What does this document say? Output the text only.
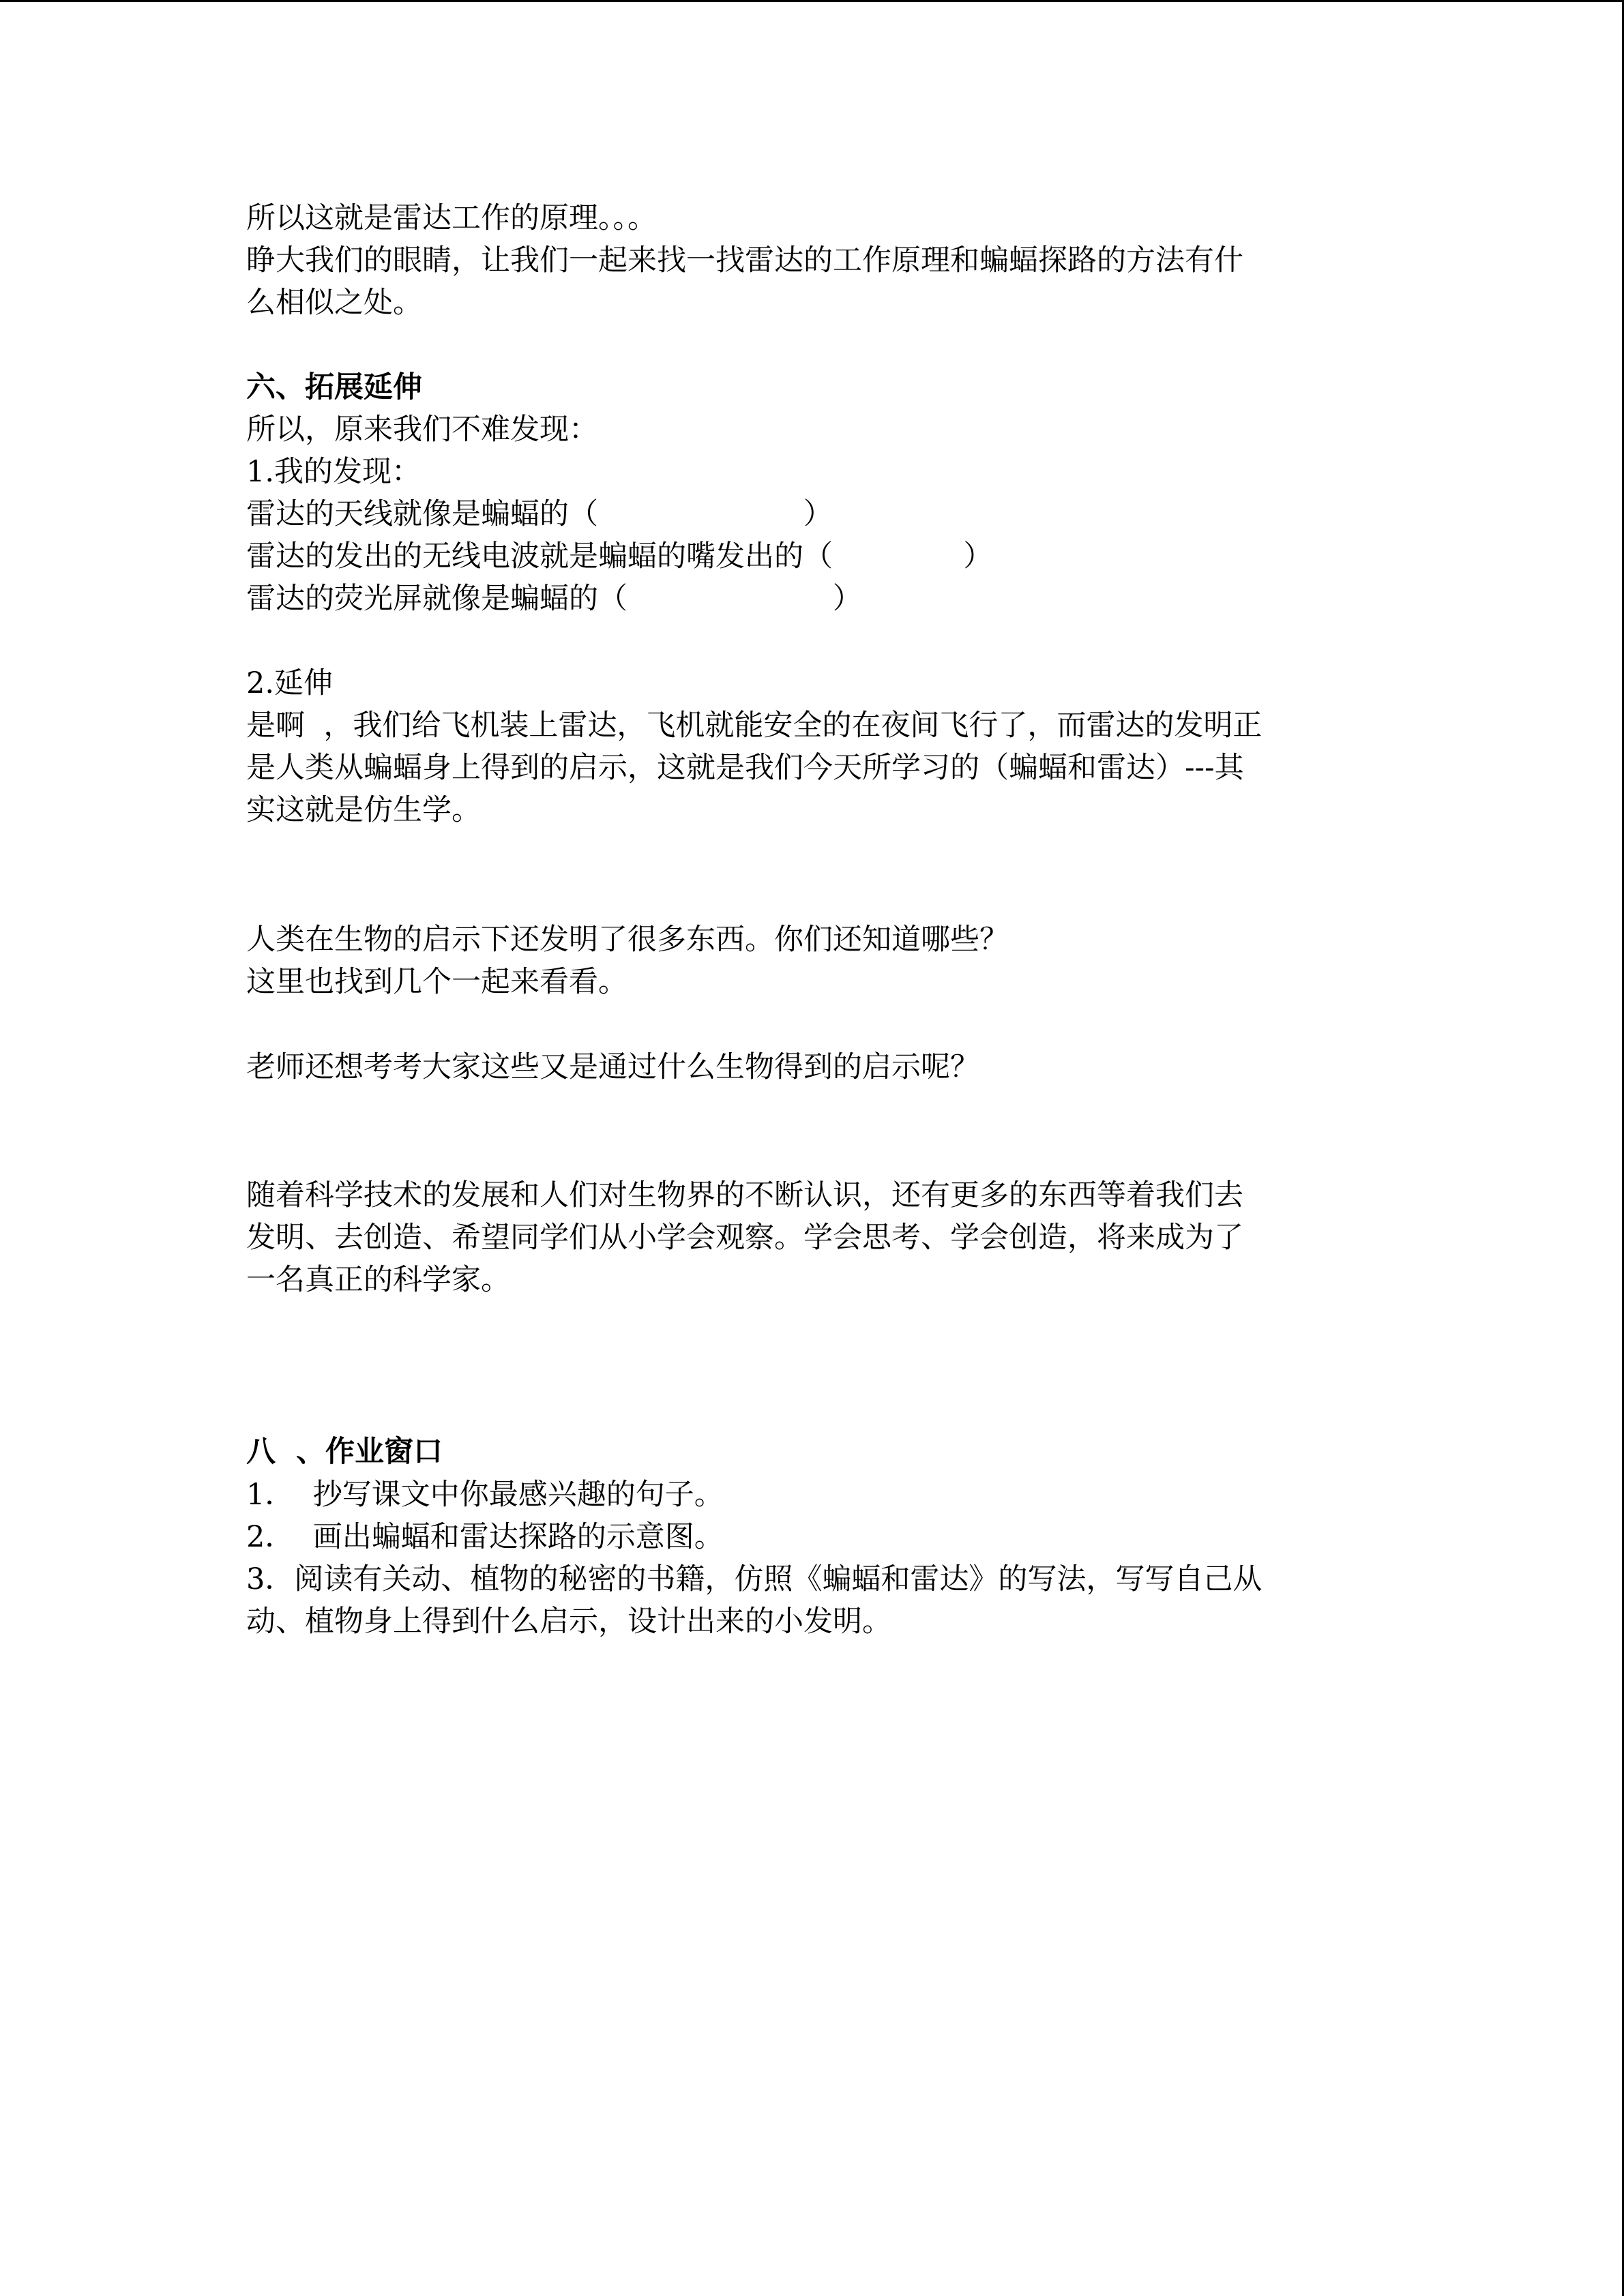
所以这就是雷达工作的原理。。。
睁大我们的眼睛，让我们一起来找一找雷达的工作原理和蝙蝠探路的方法有什
么相似之处。
六、拓展延伸
所以，原来我们不难发现：
1.我的发现：
雷达的天线就像是蝙蝠的（                      ）
雷达的发出的无线电波就是蝙蝠的嘴发出的（              ）
雷达的荧光屏就像是蝙蝠的（                      ）
2.延伸
是啊  ，我们给飞机装上雷达，飞机就能安全的在夜间飞行了，而雷达的发明正
是人类从蝙蝠身上得到的启示，这就是我们今天所学习的（蝙蝠和雷达）---其
实这就是仿生学。
人类在生物的启示下还发明了很多东西。你们还知道哪些？
这里也找到几个一起来看看。
老师还想考考大家这些又是通过什么生物得到的启示呢？
随着科学技术的发展和人们对生物界的不断认识，还有更多的东西等着我们去
发明、去创造、希望同学们从小学会观察。学会思考、学会创造，将来成为了
一名真正的科学家。
八  、作业窗口
1．  抄写课文中你最感兴趣的句子。
2．  画出蝙蝠和雷达探路的示意图。
3．阅读有关动、植物的秘密的书籍，仿照《蝙蝠和雷达》的写法，写写自己从
动、植物身上得到什么启示，设计出来的小发明。
